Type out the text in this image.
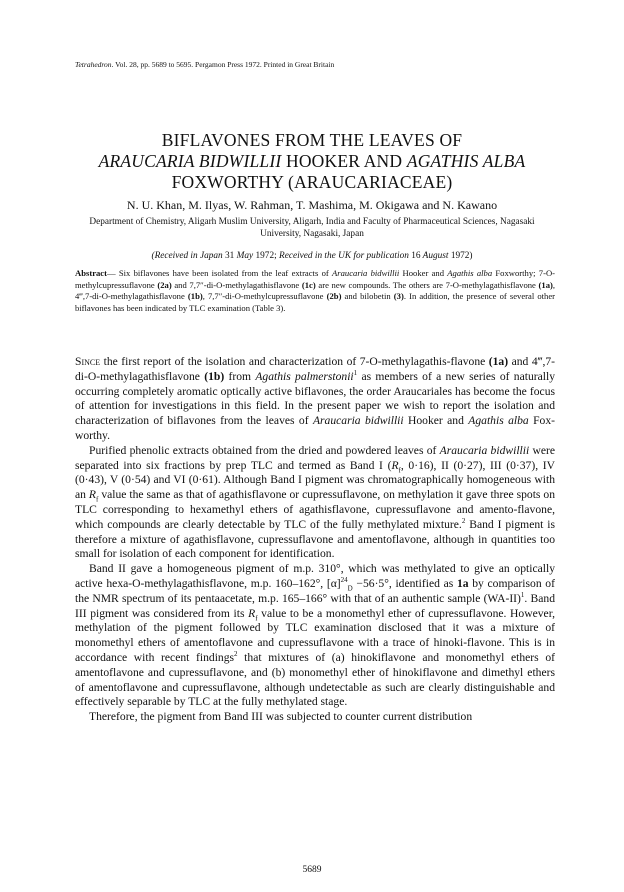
Tetrahedron. Vol. 28, pp. 5689 to 5695. Pergamon Press 1972. Printed in Great Britain
BIFLAVONES FROM THE LEAVES OF
ARAUCARIA BIDWILLII HOOKER AND AGATHIS ALBA
FOXWORTHY (ARAUCARIACEAE)
N. U. Khan, M. Ilyas, W. Rahman, T. Mashima, M. Okigawa and N. Kawano
Department of Chemistry, Aligarh Muslim University, Aligarh, India and Faculty of Pharmaceutical Sciences, Nagasaki University, Nagasaki, Japan
(Received in Japan 31 May 1972; Received in the UK for publication 16 August 1972)
Abstract— Six biflavones have been isolated from the leaf extracts of Araucaria bidwillii Hooker and Agathis alba Foxworthy; 7-O-methylcupressuflavone (2a) and 7,7″-di-O-methylagathisflavone (1c) are new compounds. The others are 7-O-methylagathisflavone (1a), 4‴,7-di-O-methylagathisflavone (1b), 7,7″-di-O-methylcupressuflavone (2b) and bilobetin (3). In addition, the presence of several other biflavones has been indicated by TLC examination (Table 3).

Since the first report of the isolation and characterization of 7-O-methylagathis-flavone (1a) and 4‴,7-di-O-methylagathisflavone (1b) from Agathis palmerstonii$^1$ as members of a new series of naturally occurring completely aromatic optically active biflavones, the order Araucariales has become the focus of attention for investigations in this field. In the present paper we wish to report the isolation and characterization of biflavones from the leaves of Araucaria bidwillii Hooker and Agathis alba Fox-worthy.

Purified phenolic extracts obtained from the dried and powdered leaves of Araucaria bidwillii were separated into six fractions by prep TLC and termed as Band I ($R_f$, 0·16), II (0·27), III (0·37), IV (0·43), V (0·54) and VI (0·61). Although Band I pigment was chromatographically homogeneous with an $R_f$ value the same as that of agathisflavone or cupressuflavone, on methylation it gave three spots on TLC corresponding to hexamethyl ethers of agathisflavone, cupressuflavone and amento-flavone, which compounds are clearly detectable by TLC of the fully methylated mixture.$^2$ Band I pigment is therefore a mixture of agathisflavone, cupressuflavone and amentoflavone, although in quantities too small for isolation of each component for identification.

Band II gave a homogeneous pigment of m.p. 310°, which was methylated to give an optically active hexa-O-methylagathisflavone, m.p. 160–162°, $[\alpha]^{24}_D -56\cdot 5^\circ$, identified as 1a by comparison of the NMR spectrum of its pentaacetate, m.p. 165–166° with that of an authentic sample $(WA-II)^1$. Band III pigment was considered from its $R_f$ value to be a monomethyl ether of cupressuflavone. However, methylation of the pigment followed by TLC examination disclosed that it was a mixture of monomethyl ethers of amentoflavone and cupressuflavone with a trace of hinoki-flavone. This is in accordance with recent findings$^2$ that mixtures of (a) hinokiflavone and monomethyl ethers of amentoflavone and cupressuflavone, and (b) monomethyl ether of hinokiflavone and dimethyl ethers of amentoflavone and cupressuflavone, although undetectable as such are clearly distinguishable and effectively separable by TLC at the fully methylated stage.

Therefore, the pigment from Band III was subjected to counter current distribution

5689
